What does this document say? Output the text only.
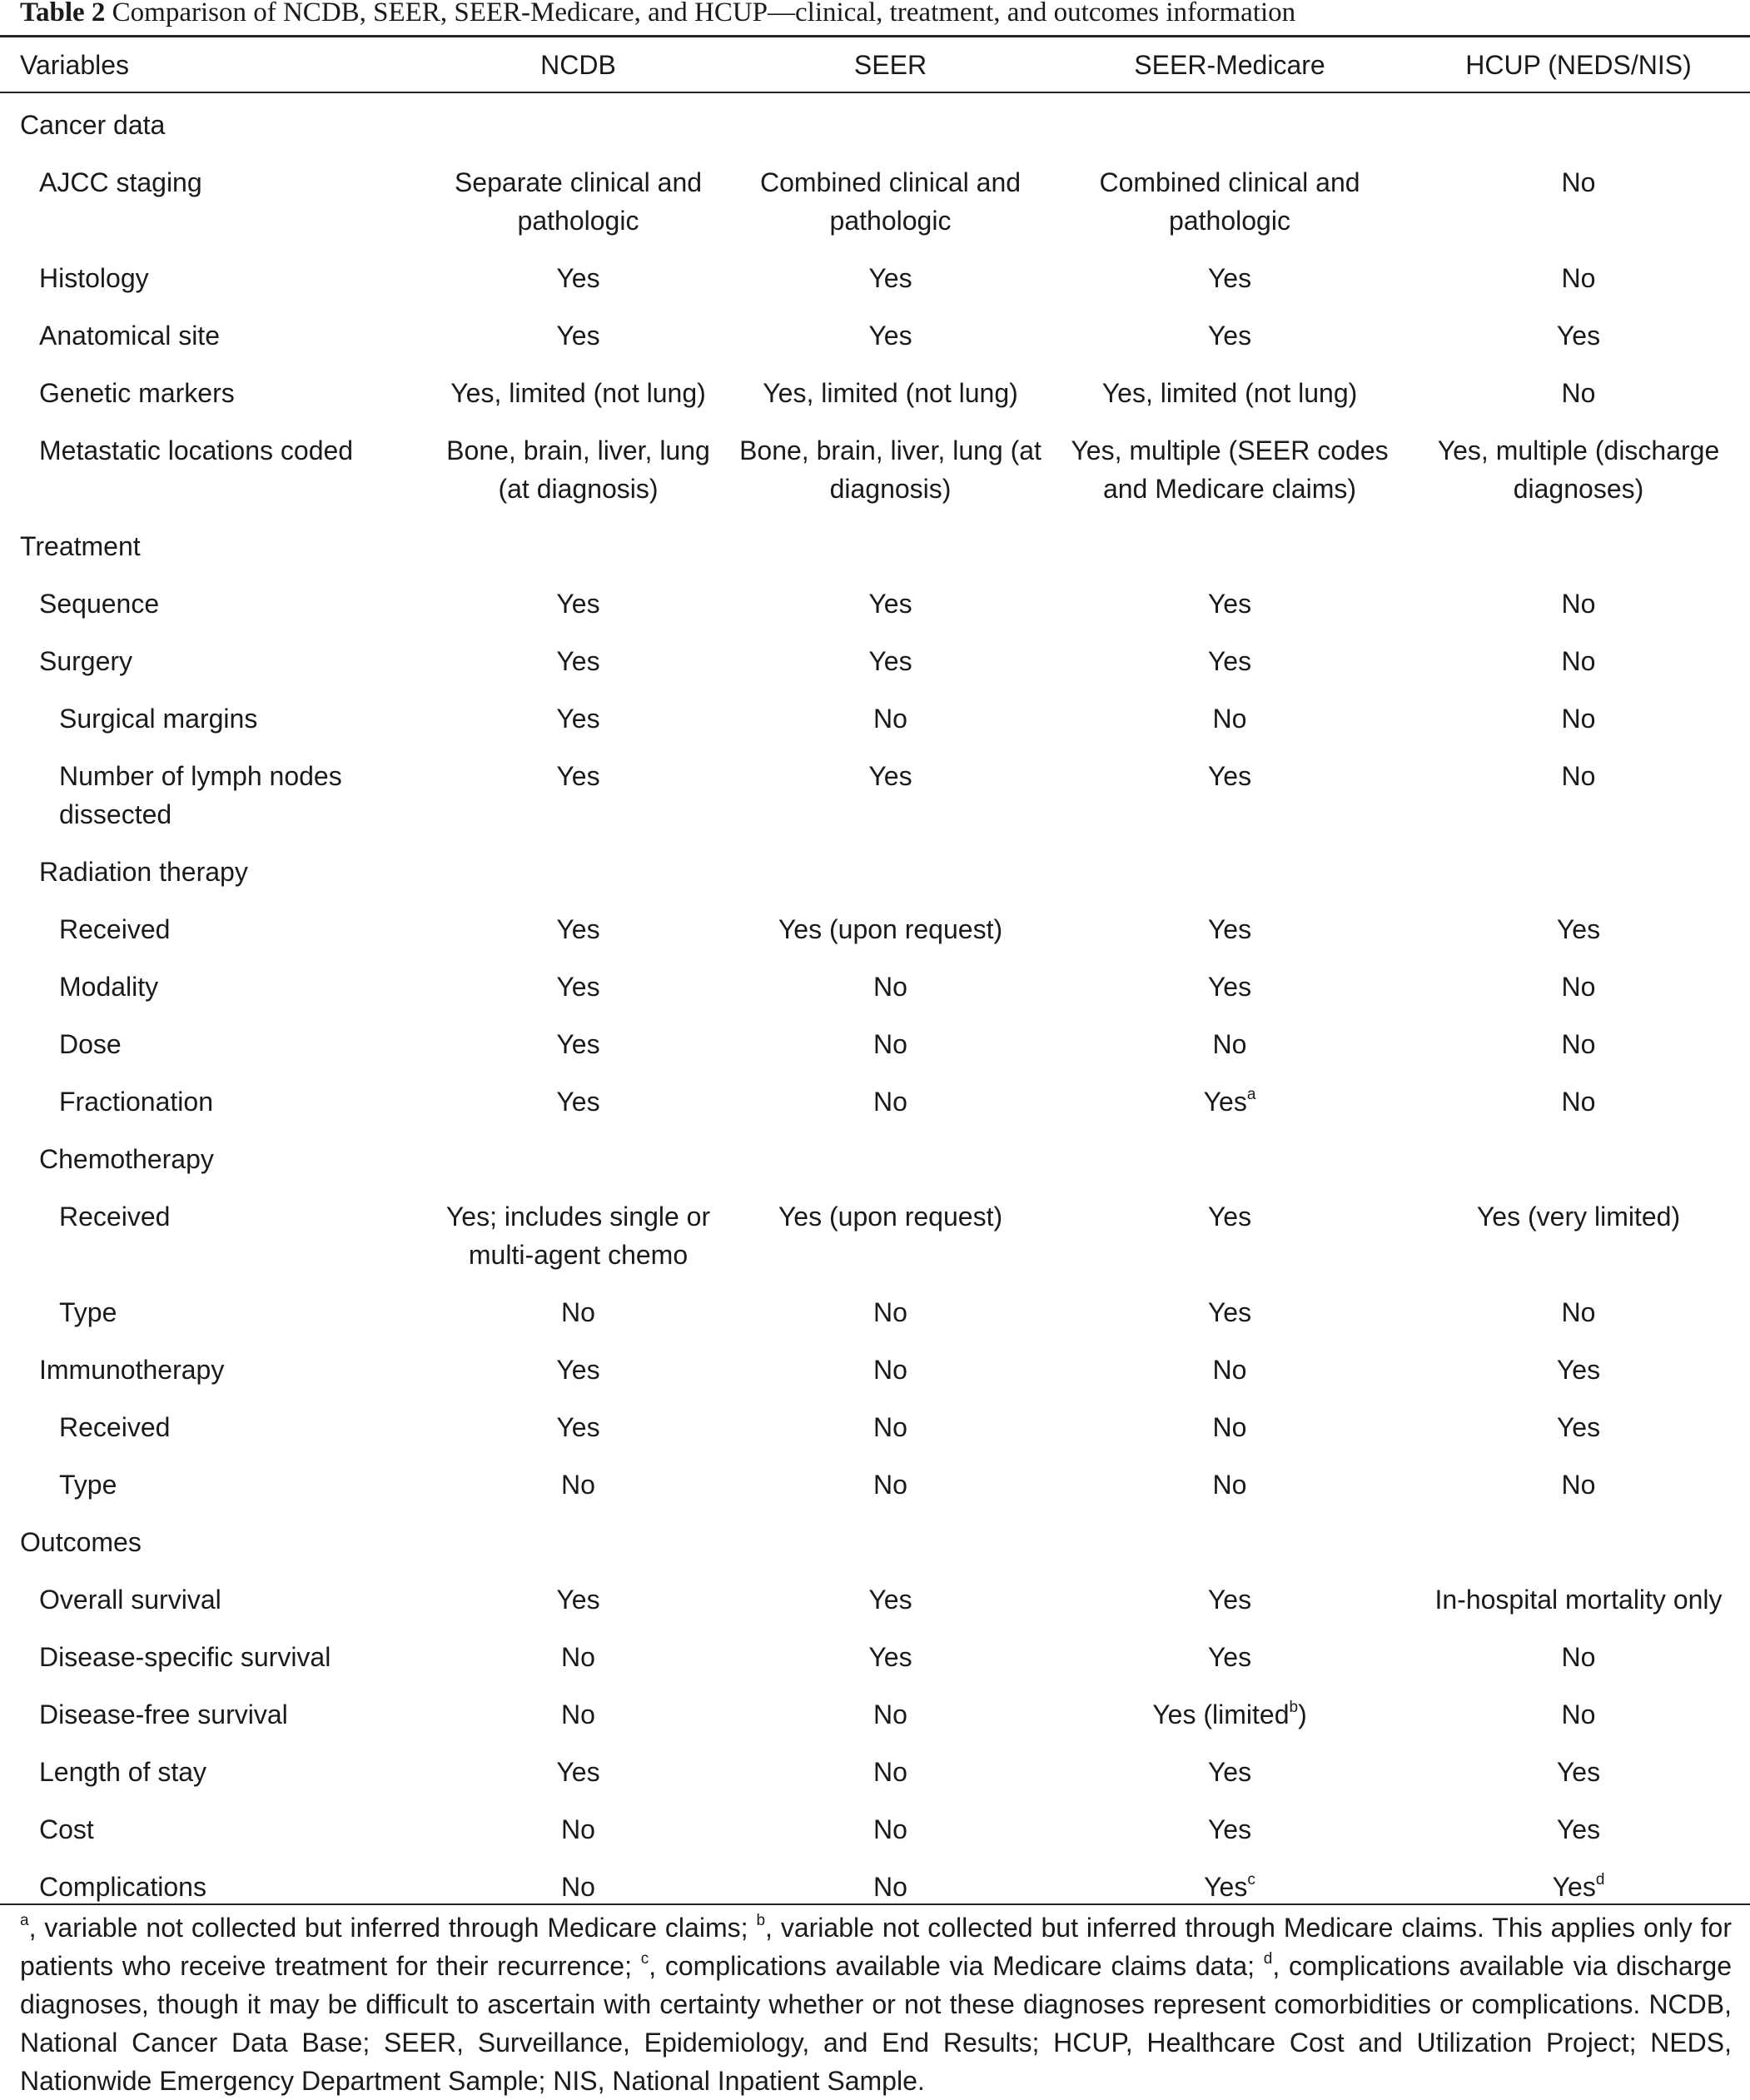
Table 2 Comparison of NCDB, SEER, SEER-Medicare, and HCUP—clinical, treatment, and outcomes information
Variables	NCDB	SEER	SEER-Medicare	HCUP (NEDS/NIS)
Cancer data				
AJCC staging	Separate clinical and pathologic	Combined clinical and pathologic	Combined clinical and pathologic	No
Histology	Yes	Yes	Yes	No
Anatomical site	Yes	Yes	Yes	Yes
Genetic markers	Yes, limited (not lung)	Yes, limited (not lung)	Yes, limited (not lung)	No
Metastatic locations coded	Bone, brain, liver, lung (at diagnosis)	Bone, brain, liver, lung (at diagnosis)	Yes, multiple (SEER codes and Medicare claims)	Yes, multiple (discharge diagnoses)
Treatment				
Sequence	Yes	Yes	Yes	No
Surgery	Yes	Yes	Yes	No
Surgical margins	Yes	No	No	No
Number of lymph nodes dissected	Yes	Yes	Yes	No
Radiation therapy				
Received	Yes	Yes (upon request)	Yes	Yes
Modality	Yes	No	Yes	No
Dose	Yes	No	No	No
Fractionation	Yes	No	Yes$^a$	No
Chemotherapy				
Received	Yes; includes single or multi-agent chemo	Yes (upon request)	Yes	Yes (very limited)
Type	No	No	Yes	No
Immunotherapy	Yes	No	No	Yes
Received	Yes	No	No	Yes
Type	No	No	No	No
Outcomes				
Overall survival	Yes	Yes	Yes	In-hospital mortality only
Disease-specific survival	No	Yes	Yes	No
Disease-free survival	No	No	Yes (limited$^b$)	No
Length of stay	Yes	No	Yes	Yes
Cost	No	No	Yes	Yes
Complications	No	No	Yes$^c$	Yes$^d$
$^a$, variable not collected but inferred through Medicare claims; $^b$, variable not collected but inferred through Medicare claims. This applies only for patients who receive treatment for their recurrence; $^c$, complications available via Medicare claims data; $^d$, complications available via discharge diagnoses, though it may be difficult to ascertain with certainty whether or not these diagnoses represent comorbidities or complications. NCDB, National Cancer Data Base; SEER, Surveillance, Epidemiology, and End Results; HCUP, Healthcare Cost and Utilization Project; NEDS, Nationwide Emergency Department Sample; NIS, National Inpatient Sample.
